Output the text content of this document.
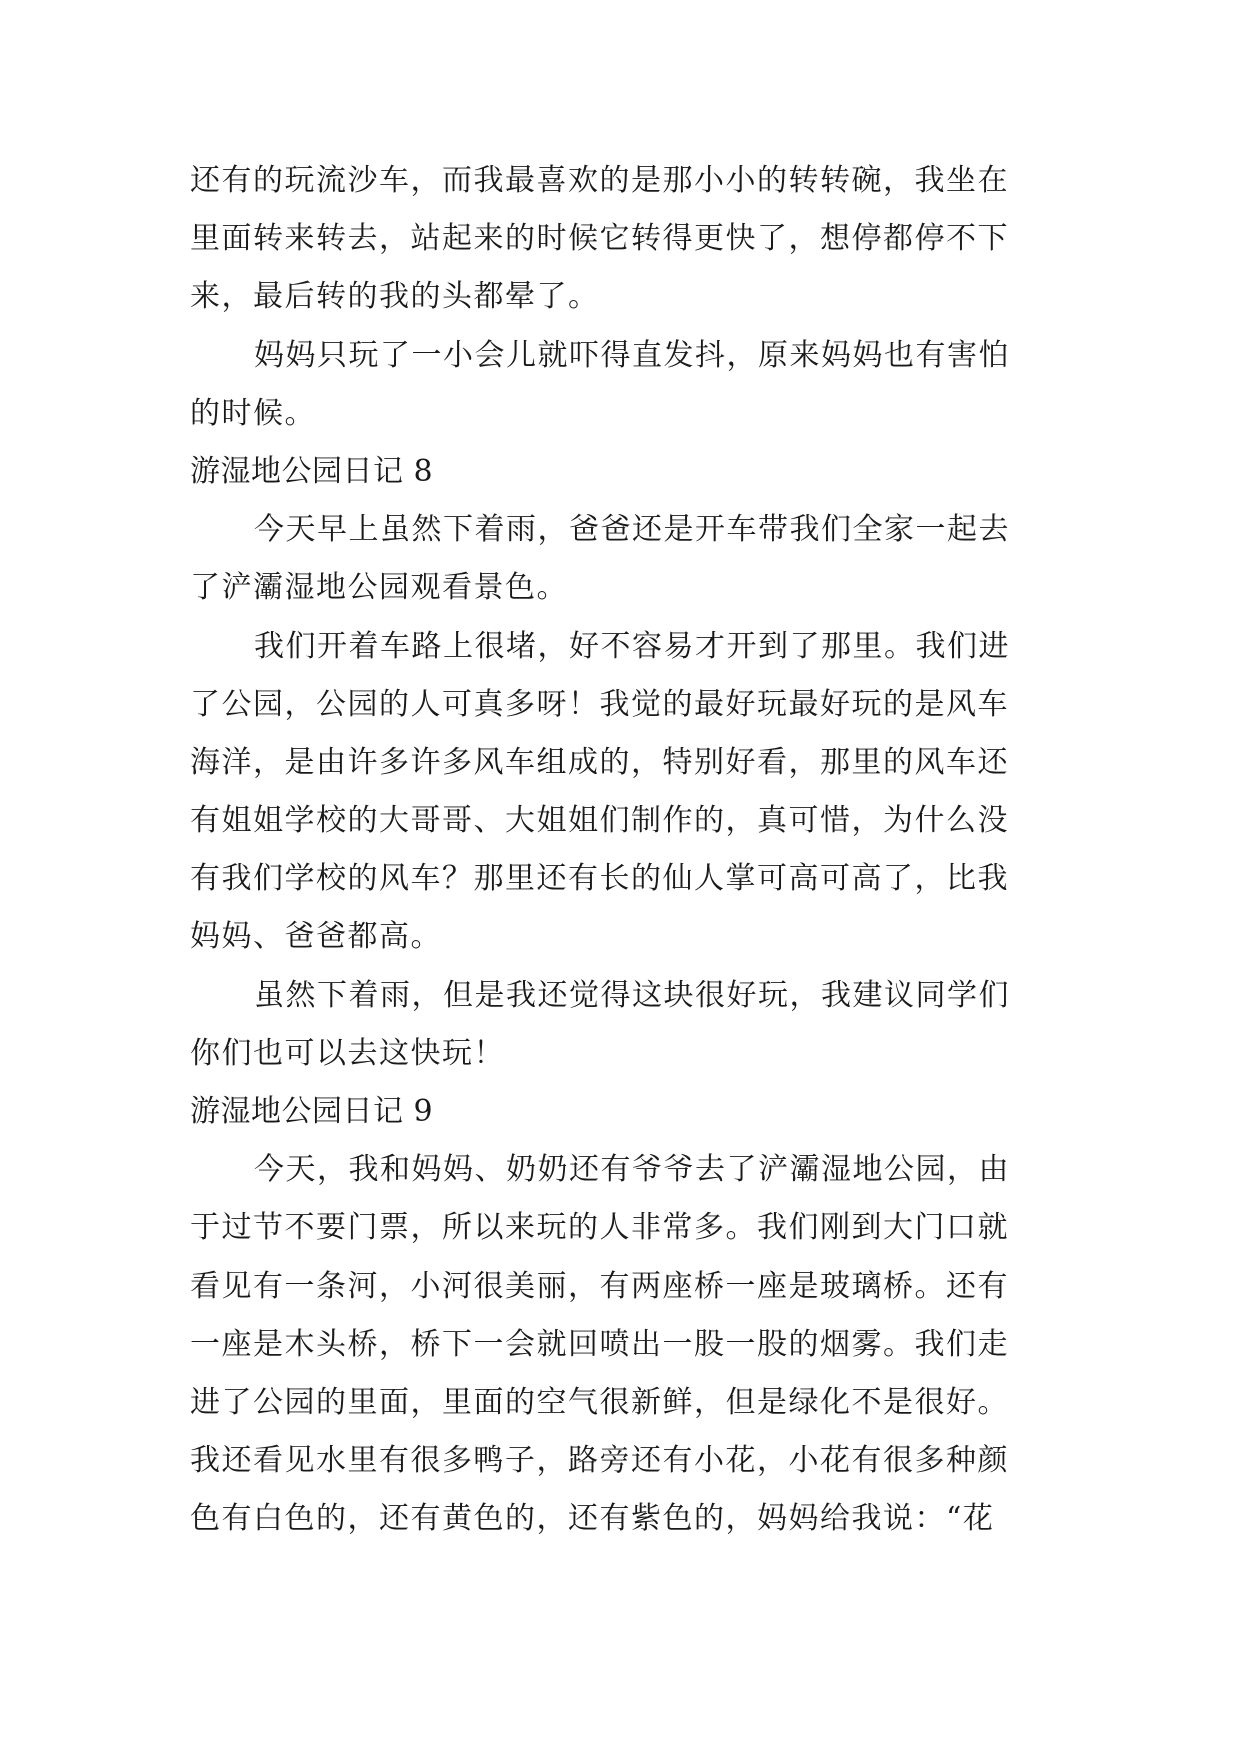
还有的玩流沙车，而我最喜欢的是那小小的转转碗，我坐在
里面转来转去，站起来的时候它转得更快了，想停都停不下
来，最后转的我的头都晕了。
妈妈只玩了一小会儿就吓得直发抖，原来妈妈也有害怕
的时候。
游湿地公园日记 8
今天早上虽然下着雨，爸爸还是开车带我们全家一起去
了浐灞湿地公园观看景色。
我们开着车路上很堵，好不容易才开到了那里。我们进
了公园，公园的人可真多呀！我觉的最好玩最好玩的是风车
海洋，是由许多许多风车组成的，特别好看，那里的风车还
有姐姐学校的大哥哥、大姐姐们制作的，真可惜，为什么没
有我们学校的风车？那里还有长的仙人掌可高可高了，比我
妈妈、爸爸都高。
虽然下着雨，但是我还觉得这块很好玩，我建议同学们
你们也可以去这快玩！
游湿地公园日记 9
今天，我和妈妈、奶奶还有爷爷去了浐灞湿地公园，由
于过节不要门票，所以来玩的人非常多。我们刚到大门口就
看见有一条河，小河很美丽，有两座桥一座是玻璃桥。还有
一座是木头桥，桥下一会就回喷出一股一股的烟雾。我们走
进了公园的里面，里面的空气很新鲜，但是绿化不是很好。
我还看见水里有很多鸭子，路旁还有小花，小花有很多种颜
色有白色的，还有黄色的，还有紫色的，妈妈给我说：“花
